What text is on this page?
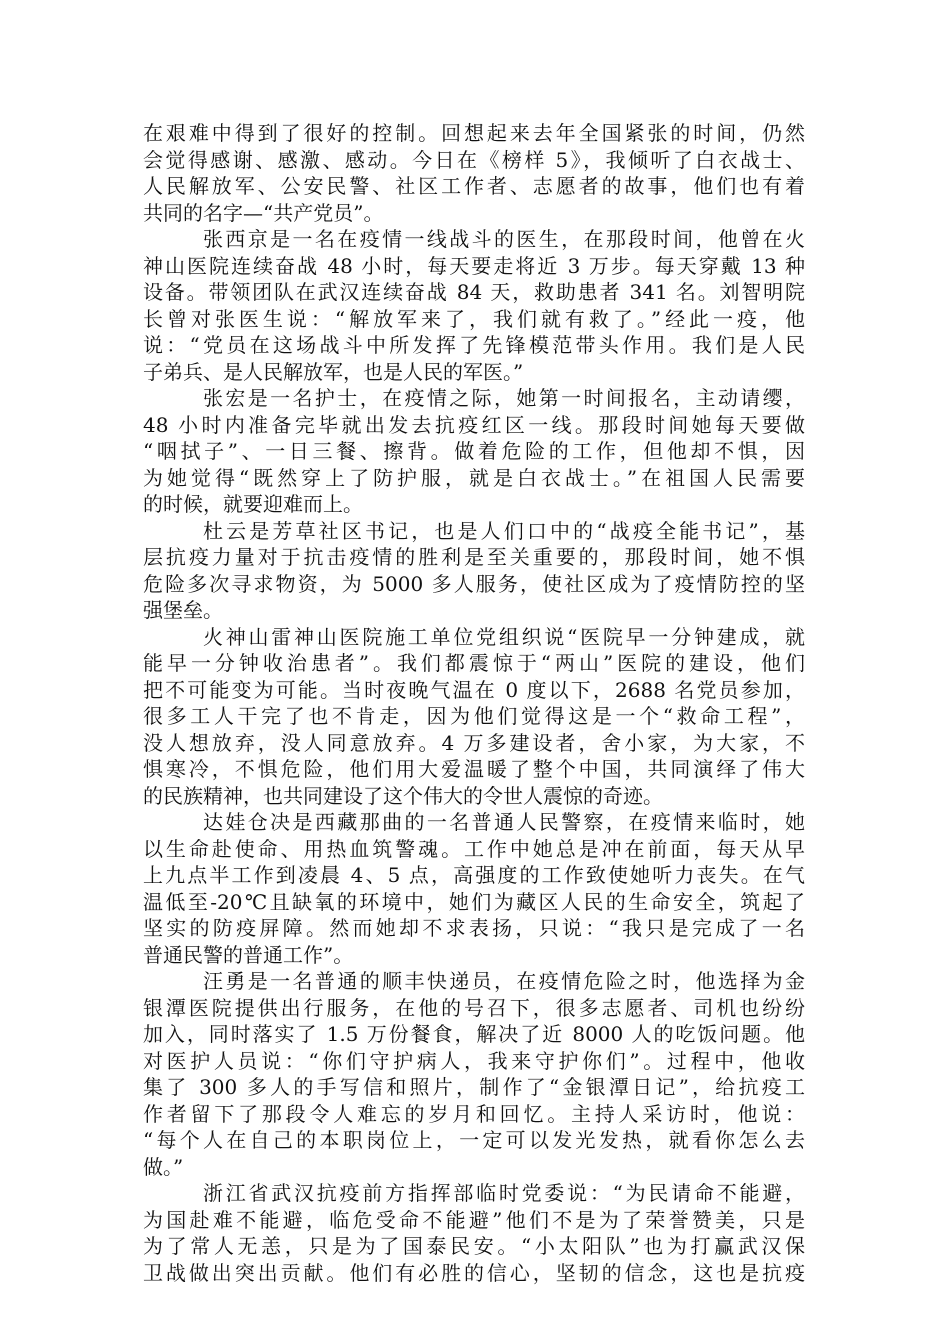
在艰难中得到了很好的控制。回想起来去年全国紧张的时间，仍然
会觉得感谢、感激、感动。今日在《榜样 5》，我倾听了白衣战士、
人民解放军、公安民警、社区工作者、志愿者的故事，他们也有着
共同的名字—“共产党员”。
张西京是一名在疫情一线战斗的医生，在那段时间，他曾在火
神山医院连续奋战 48 小时，每天要走将近 3 万步。每天穿戴 13 种
设备。带领团队在武汉连续奋战 84 天，救助患者 341 名。刘智明院
长曾对张医生说：“解放军来了，我们就有救了。”经此一疫，他
说：“党员在这场战斗中所发挥了先锋模范带头作用。我们是人民
子弟兵、是人民解放军，也是人民的军医。”
张宏是一名护士，在疫情之际，她第一时间报名，主动请缨，
48 小时内准备完毕就出发去抗疫红区一线。那段时间她每天要做
“咽拭子”、一日三餐、擦背。做着危险的工作，但他却不惧，因
为她觉得“既然穿上了防护服，就是白衣战士。”在祖国人民需要
的时候，就要迎难而上。
杜云是芳草社区书记，也是人们口中的“战疫全能书记”，基
层抗疫力量对于抗击疫情的胜利是至关重要的，那段时间，她不惧
危险多次寻求物资，为 5000 多人服务，使社区成为了疫情防控的坚
强堡垒。
火神山雷神山医院施工单位党组织说“医院早一分钟建成，就
能早一分钟收治患者”。我们都震惊于“两山”医院的建设，他们
把不可能变为可能。当时夜晚气温在 0 度以下，2688 名党员参加，
很多工人干完了也不肯走，因为他们觉得这是一个“救命工程”，
没人想放弃，没人同意放弃。4 万多建设者，舍小家，为大家，不
惧寒冷，不惧危险，他们用大爱温暖了整个中国，共同演绎了伟大
的民族精神，也共同建设了这个伟大的令世人震惊的奇迹。
达娃仓决是西藏那曲的一名普通人民警察，在疫情来临时，她
以生命赴使命、用热血筑警魂。工作中她总是冲在前面，每天从早
上九点半工作到凌晨 4、5 点，高强度的工作致使她听力丧失。在气
温低至-20℃且缺氧的环境中，她们为藏区人民的生命安全，筑起了
坚实的防疫屏障。然而她却不求表扬，只说：“我只是完成了一名
普通民警的普通工作”。
汪勇是一名普通的顺丰快递员，在疫情危险之时，他选择为金
银潭医院提供出行服务，在他的号召下，很多志愿者、司机也纷纷
加入，同时落实了 1.5 万份餐食，解决了近 8000 人的吃饭问题。他
对医护人员说：“你们守护病人，我来守护你们”。过程中，他收
集了 300 多人的手写信和照片，制作了“金银潭日记”，给抗疫工
作者留下了那段令人难忘的岁月和回忆。主持人采访时，他说：
“每个人在自己的本职岗位上，一定可以发光发热，就看你怎么去
做。”
浙江省武汉抗疫前方指挥部临时党委说：“为民请命不能避，
为国赴难不能避，临危受命不能避”他们不是为了荣誉赞美，只是
为了常人无恙，只是为了国泰民安。“小太阳队”也为打赢武汉保
卫战做出突出贡献。他们有必胜的信心，坚韧的信念，这也是抗疫
